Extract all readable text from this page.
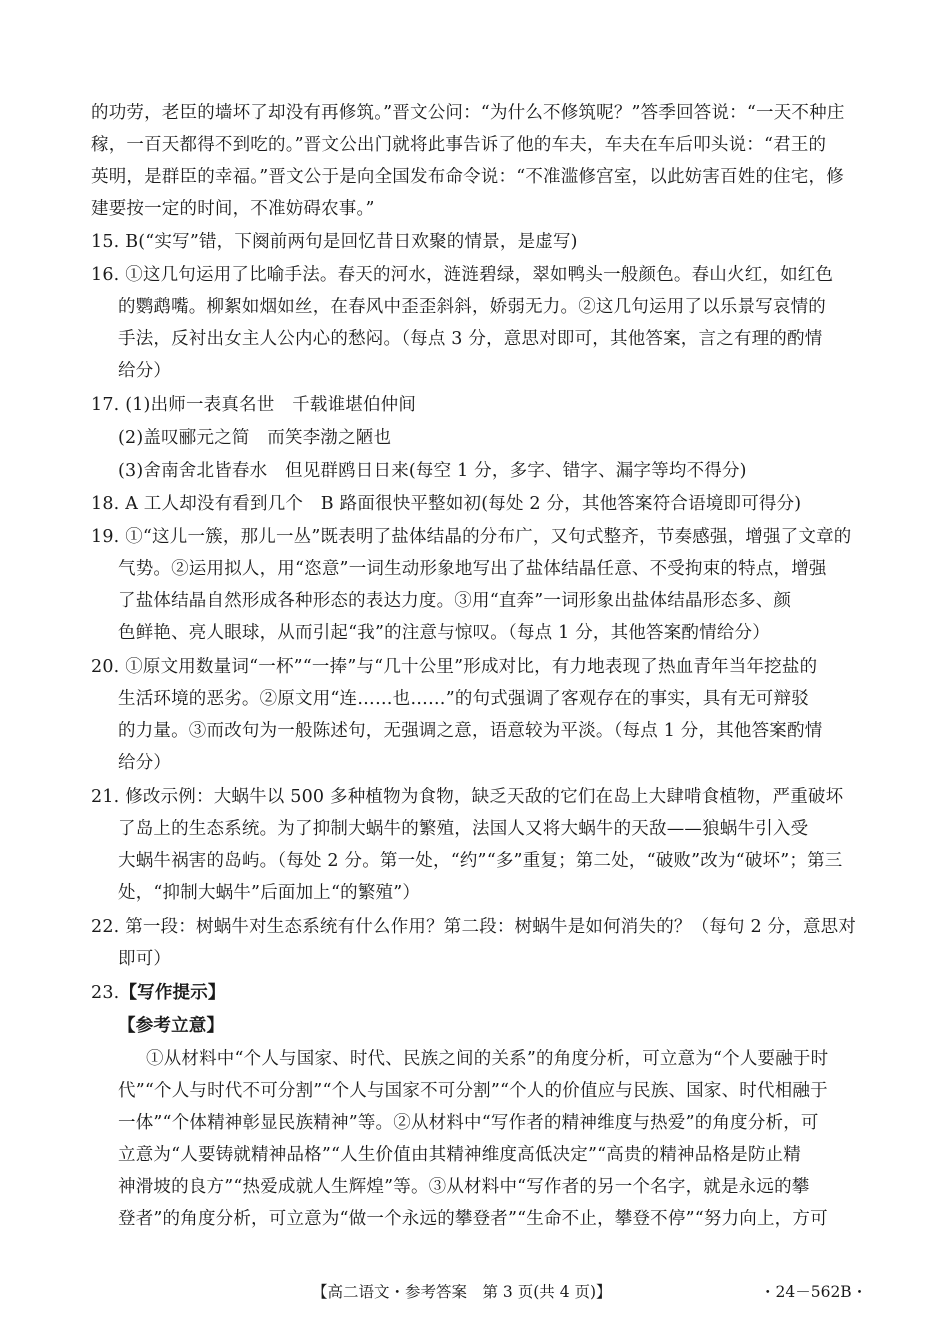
的功劳，老臣的墙坏了却没有再修筑。”晋文公问：“为什么不修筑呢？”答季回答说：“一天不种庄
稼，一百天都得不到吃的。”晋文公出门就将此事告诉了他的车夫，车夫在车后叩头说：“君王的
英明，是群臣的幸福。”晋文公于是向全国发布命令说：“不准滥修宫室，以此妨害百姓的住宅，修
建要按一定的时间，不准妨碍农事。”
15. B(“实写”错，下阕前两句是回忆昔日欢聚的情景，是虚写)
16. ①这几句运用了比喻手法。春天的河水，涟涟碧绿，翠如鸭头一般颜色。春山火红，如红色
的鹦鹉嘴。柳絮如烟如丝，在春风中歪歪斜斜，娇弱无力。②这几句运用了以乐景写哀情的
手法，反衬出女主人公内心的愁闷。（每点 3 分，意思对即可，其他答案，言之有理的酌情
给分）
17. (1)出师一表真名世　千载谁堪伯仲间
(2)盖叹郦元之简　而笑李渤之陋也
(3)舍南舍北皆春水　但见群鸥日日来(每空 1 分，多字、错字、漏字等均不得分)
18. A 工人却没有看到几个　B 路面很快平整如初(每处 2 分，其他答案符合语境即可得分)
19. ①“这儿一簇，那儿一丛”既表明了盐体结晶的分布广，又句式整齐，节奏感强，增强了文章的
气势。②运用拟人，用“恣意”一词生动形象地写出了盐体结晶任意、不受拘束的特点，增强
了盐体结晶自然形成各种形态的表达力度。③用“直奔”一词形象出盐体结晶形态多、颜
色鲜艳、亮人眼球，从而引起“我”的注意与惊叹。（每点 1 分，其他答案酌情给分）
20. ①原文用数量词“一杯”“一捧”与“几十公里”形成对比，有力地表现了热血青年当年挖盐的
生活环境的恶劣。②原文用“连……也……”的句式强调了客观存在的事实，具有无可辩驳
的力量。③而改句为一般陈述句，无强调之意，语意较为平淡。（每点 1 分，其他答案酌情
给分）
21. 修改示例：大蜗牛以 500 多种植物为食物，缺乏天敌的它们在岛上大肆啃食植物，严重破坏
了岛上的生态系统。为了抑制大蜗牛的繁殖，法国人又将大蜗牛的天敌——狼蜗牛引入受
大蜗牛祸害的岛屿。（每处 2 分。第一处，“约”“多”重复；第二处，“破败”改为“破坏”；第三
处，“抑制大蜗牛”后面加上“的繁殖”）
22. 第一段：树蜗牛对生态系统有什么作用？第二段：树蜗牛是如何消失的？（每句 2 分，意思对
即可）
23.【写作提示】
【参考立意】
①从材料中“个人与国家、时代、民族之间的关系”的角度分析，可立意为“个人要融于时
代”“个人与时代不可分割”“个人与国家不可分割”“个人的价值应与民族、国家、时代相融于
一体”“个体精神彰显民族精神”等。②从材料中“写作者的精神维度与热爱”的角度分析，可
立意为“人要铸就精神品格”“人生价值由其精神维度高低决定”“高贵的精神品格是防止精
神滑坡的良方”“热爱成就人生辉煌”等。③从材料中“写作者的另一个名字，就是永远的攀
登者”的角度分析，可立意为“做一个永远的攀登者”“生命不止，攀登不停”“努力向上，方可
【高二语文・参考答案　第 3 页(共 4 页)】	・24－562B・
